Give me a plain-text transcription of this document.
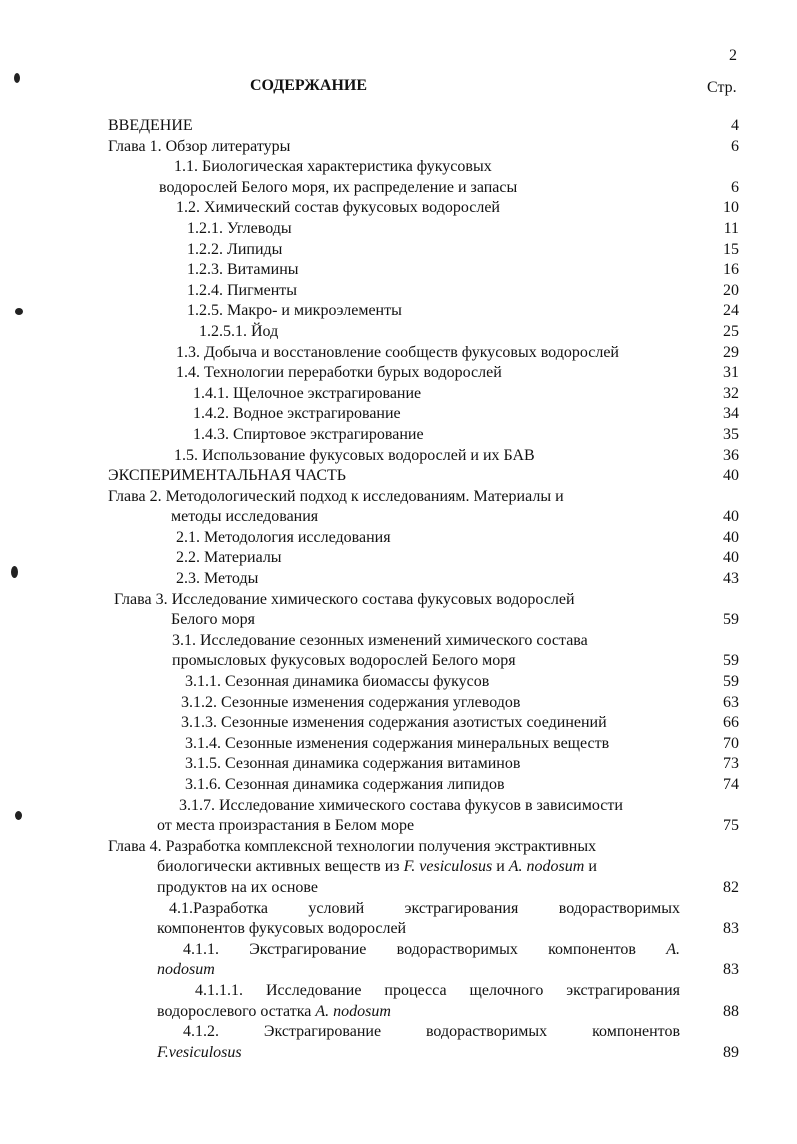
2
СОДЕРЖАНИЕ	Стр.
ВВЕДЕНИЕ	4
Глава 1. Обзор литературы	6
1.1. Биологическая характеристика фукусовых
водорослей Белого моря, их распределение и запасы	6
1.2. Химический состав фукусовых водорослей	10
1.2.1. Углеводы	11
1.2.2. Липиды	15
1.2.3. Витамины	16
1.2.4. Пигменты	20
1.2.5. Макро- и микроэлементы	24
1.2.5.1. Йод	25
1.3. Добыча и восстановление сообществ фукусовых водорослей	29
1.4. Технологии переработки бурых водорослей	31
1.4.1. Щелочное экстрагирование	32
1.4.2. Водное экстрагирование	34
1.4.3. Спиртовое экстрагирование	35
1.5. Использование фукусовых водорослей и их БАВ	36
ЭКСПЕРИМЕНТАЛЬНАЯ ЧАСТЬ	40
Глава 2. Методологический подход к исследованиям. Материалы и
методы исследования	40
2.1. Методология исследования	40
2.2. Материалы	40
2.3. Методы	43
Глава 3. Исследование химического состава фукусовых водорослей
Белого моря	59
3.1. Исследование сезонных изменений химического состава
промысловых фукусовых водорослей Белого моря	59
3.1.1. Сезонная динамика биомассы фукусов	59
3.1.2. Сезонные изменения содержания углеводов	63
3.1.3. Сезонные изменения содержания азотистых соединений	66
3.1.4. Сезонные изменения содержания минеральных веществ	70
3.1.5. Сезонная динамика содержания витаминов	73
3.1.6. Сезонная динамика содержания липидов	74
3.1.7. Исследование химического состава фукусов в зависимости
от места произрастания в Белом море	75
Глава 4. Разработка комплексной технологии получения экстрактивных
биологически активных веществ из F. vesiculosus и A. nodosum и
продуктов на их основе	82
4.1.Разработка условий экстрагирования водорастворимых
компонентов фукусовых водорослей	83
4.1.1. Экстрагирование водорастворимых компонентов A.
nodosum	83
4.1.1.1. Исследование процесса щелочного экстрагирования
водорослевого остатка A. nodosum	88
4.1.2. Экстрагирование водорастворимых компонентов
F.vesiculosus	89
